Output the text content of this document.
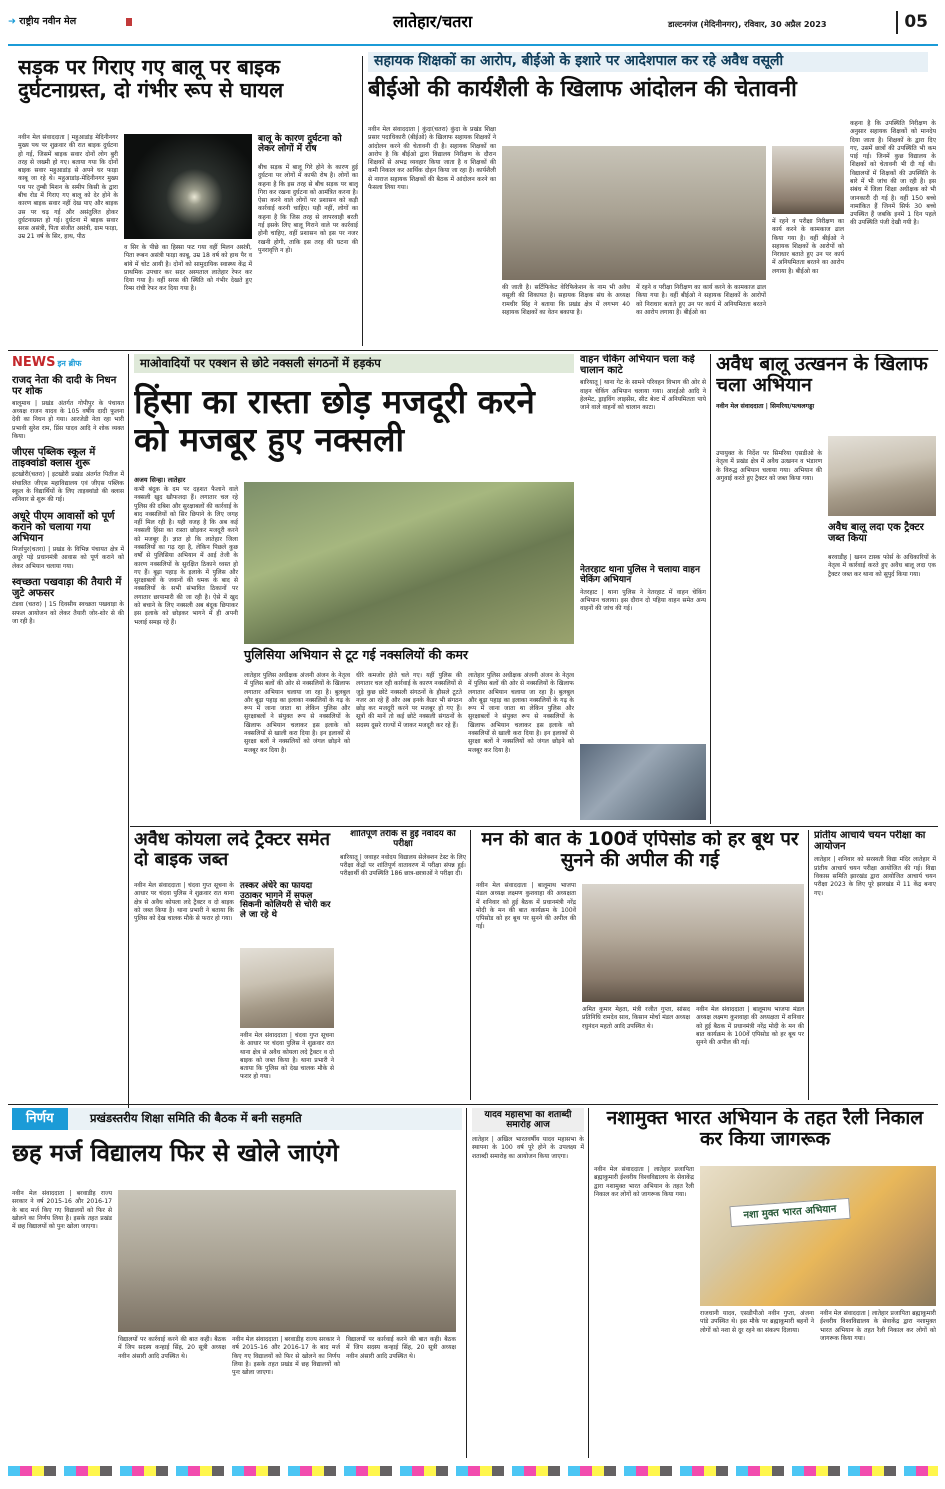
➜ राष्ट्रीय नवीन मेल	लातेहार/चतरा	डाल्टनगंज (मेदिनीनगर), रविवार, 30 अप्रैल 2023	05
सड़क पर गिराए गए बालू पर बाइक दुर्घटनाग्रस्त, दो गंभीर रूप से घायल
नवीन मेल संवाददाता | महुआडांड़ मेदिनीनगर मुख्य पथ पर शुक्रवार की रात बाइक दुर्घटना हो गई, जिसमें बाइक सवार दोनों लोग बुरी तरह से जख्मी हो गए। बताया गया कि दोनों बाइक सवार महुआडांड़ से अपने घर फाड़ा काबू जा रहे थे। महुआडांड़-मेदिनीनगर मुख्य पथ पर तुम्बी मिशन के समीप किसी के द्वारा बीच रोड में गिराए गए बालू को देर होने के कारण बाइक सवार नहीं देख पाए और बाइक उस पर चढ़ गई और असंतुलित होकर दुर्घटनाग्रस्त हो गई। दुर्घटना में बाइक सवार सरस असंत्री, पिता संजीत असंत्री, ग्राम फाड़ा, उम्र 21 वर्ष के सिर, हाथ, पीठ
व सिर के पीछे का हिस्सा फट गया वहीं मिलन असंत्री, पिता रूबन असंत्री फाड़ा काबू, उम्र 18 वर्ष को हाथ पैर व बांये में चोट आयी है। दोनों को सामुदायिक स्वास्थ्य केंद्र में प्राथमिक उपचार कर सदर अस्पताल लातेहार रेफर कर दिया गया है। वहीं सरस की स्थिति को गंभीर देखते हुए रिम्स रांची रेफर कर दिया गया है।
बालू के कारण दुर्घटना को लेकर लोगों में रोष
बीच सड़क में बालू गिरे होने के कारण हुई दुर्घटना पर लोगों में काफी रोष है। लोगों का कहना है कि इस तरह से बीच सड़क पर बालू गिरा कर रखना दुर्घटना को आमंत्रित करना है। ऐसा करने वाले लोगों पर प्रशासन को कड़ी कार्रवाई करनी चाहिए। यही नहीं, लोगों का कहना है कि जिस तरह से लापरवाही बरती गई इसके लिए बालू गिराने वाले पर कार्रवाई होनी चाहिए, वहीं प्रशासन को इस पर नजर रखनी होगी, ताकि इस तरह की घटना की पुनरावृत्ति न हो।
सहायक शिक्षकों का आरोप, बीईओ के इशारे पर आदेशपाल कर रहे अवैध वसूली
बीईओ की कार्यशैली के खिलाफ आंदोलन की चेतावनी
नवीन मेल संवाददाता | कुंदा(चतरा) कुंदा के प्रखंड शिक्षा प्रसार पदाधिकारी (बीईओ) के खिलाफ सहायक शिक्षकों ने आंदोलन करने की चेतावनी दी है। सहायक शिक्षकों का आरोप है कि बीईओ द्वारा विद्यालय निरीक्षण के दौरान शिक्षकों से अभद्र व्यवहार किया जाता है व शिक्षकों की कमी निकाल कर आर्थिक दोहन किया जा रहा है। कार्यशैली से नाराज सहायक शिक्षकों की बैठक में आंदोलन करने का फैसला लिया गया।
की जाती है। सर्टिफिकेट वेरिफिकेशन के नाम भी अवैध वसूली की शिकायत है। सहायक शिक्षक संघ के अध्यक्ष रामधीर सिंह ने बताया कि प्रखंड क्षेत्र में लगभग 40 सहायक शिक्षकों का वेतन बकाया है।
में रहने व परीक्षा निरीक्षण का कार्य करने के कामकाज ढाल किया गया है। वहीं बीईओ ने सहायक शिक्षकों के आरोपों को निराधार बताते हुए उन पर कार्य में अनियमितता बरतने का आरोप लगाया है। बीईओ का
कहना है कि उपस्थिति निरीक्षण के अनुसार सहायक शिक्षकों को मानदेय दिया जाता है। शिक्षकों के द्वारा दिए गए, उसमें छात्रों की उपस्थिति भी कम पाई गई। जिनमें कुछ विद्यालय के शिक्षकों को चेतावनी भी दी गई थी। विद्यालयों में शिक्षकों की उपस्थिति के बारे में भी जांच की जा रही है। इस संबंध में जिला शिक्षा अधीक्षक को भी जानकारी दी गई है। वहीं 150 बच्चे नामांकित हैं जिनमें सिर्फ 30 बच्चे उपस्थित हैं जबकि इनमें 1 दिन पहले की उपस्थिति पंजी देखी गयी है।
में रहने व परीक्षा निरीक्षण का कार्य करने के कामकाज ढाल किया गया है। वहीं बीईओ ने सहायक शिक्षकों के आरोपों को निराधार बताते हुए उन पर कार्य में अनियमितता बरतने का आरोप लगाया है। बीईओ का
NEWS इन ब्रीफ
राजद नेता की दादी के निधन पर शोक
बालूमाथ | प्रखंड अंतर्गत गोपीपुर के पंचायत अध्यक्ष राजन यादव के 105 वर्षीय दादी फूलना देवी का निधन हो गया। आरजेडी नेता रहा भारी प्रभावी सुरेश राम, प्रिंस यादव आदि ने शोक व्यक्त किया।
जीएस पब्लिक स्कूल में ताइक्वांडो क्लास शुरू
इटखोरी(चतरा) | इटखोरी प्रखंड अंतर्गत पितीज में संचालित जीएस महाविद्यालय एवं जीएस पब्लिक स्कूल के विद्यार्थियों के लिए ताइक्वांडो की क्लास शनिवार से शुरू की गई।
अधूरे पीएम आवासों को पूर्ण कराने को चलाया गया अभियान
मिर्जापुर(चतरा) | प्रखंड के विभिन्न पंचायत क्षेत्र में अधूरे पड़े प्रधानमंत्री आवास को पूर्ण कराने को लेकर अभियान चलाया गया।
स्वच्छता पखवाड़ा की तैयारी में जुटे अफसर
टंडवा (चतरा) | 15 दिवसीय स्वच्छता पखवाड़ा के सफल आयोजन को लेकर तैयारी जोर-शोर से की जा रही है।
माओवादियों पर एक्शन से छोटे नक्सली संगठनों में हड़कंप
हिंसा का रास्ता छोड़ मजदूरी करने को मजबूर हुए नक्सली
अजय सिन्हा। लातेहार
कभी बंदूक के दम पर दहशत फैलाने वाले नक्सली खुद खौफजदा हैं। लगातार चल रहे पुलिस की दबिश और सुरक्षाबलों की कार्रवाई के बाद नक्सलियों को सिर छिपाने के लिए जगह नहीं मिल रही है। यही वजह है कि अब कई नक्सली हिंसा का रास्ता छोड़कर मजदूरी करने को मजबूर हैं। ज्ञात हो कि लातेहार जिला नक्सलियों का गढ़ रहा है, लेकिन पिछले कुछ वर्षों से पुलिसिया अभियान में आई तेजी के कारण नक्सलियों के सुरक्षित ठिकाने ध्वस्त हो गए हैं। बूढ़ा पहाड़ के इलाके में पुलिस और सुरक्षाबलों के जवानों की धमक के बाद से नक्सलियों के सभी संभावित ठिकानों पर लगातार छापामारी की जा रही है। ऐसे में खुद को बचाने के लिए नक्सली अब बंदूक छिपाकर इस इलाके को छोड़कर भागने में ही अपनी भलाई समझ रहे हैं।
पुलिसिया अभियान से टूट गई नक्सलियों की कमर
लातेहार पुलिस अधीक्षक अंजनी अंजन के नेतृत्व में पुलिस बलों की ओर से नक्सलियों के खिलाफ लगातार अभियान चलाया जा रहा है। बुलबुल और बूढ़ा पहाड़ का इलाका नक्सलियों के गढ़ के रूप में जाना जाता था लेकिन पुलिस और सुरक्षाबलों ने संयुक्त रूप से नक्सलियों के खिलाफ अभियान चलाकर इस इलाके को नक्सलियों से खाली करा दिया है। इन इलाकों से सुरक्षा बलों ने नक्सलियों को जंगल छोड़ने को मजबूर कर दिया है।
धीरे कमजोर होते चले गए। यहीं पुलिस की लगातार चल रही कार्रवाई के कारण नक्सलियों से जुड़े कुछ छोटे नक्सली संगठनों के हौसले टूटते नजर आ रहे हैं और अब इनके कैडर भी संगठन छोड़ कर मजदूरी करने पर मजबूर हो गए हैं। सूत्रों की मानें तो कई छोटे नक्सली संगठनों के सदस्य दूसरे राज्यों में जाकर मजदूरी कर रहे हैं।
लातेहार पुलिस अधीक्षक अंजनी अंजन के नेतृत्व में पुलिस बलों की ओर से नक्सलियों के खिलाफ लगातार अभियान चलाया जा रहा है। बुलबुल और बूढ़ा पहाड़ का इलाका नक्सलियों के गढ़ के रूप में जाना जाता था लेकिन पुलिस और सुरक्षाबलों ने संयुक्त रूप से नक्सलियों के खिलाफ अभियान चलाकर इस इलाके को नक्सलियों से खाली करा दिया है। इन इलाकों से सुरक्षा बलों ने नक्सलियों को जंगल छोड़ने को मजबूर कर दिया है।
वाहन चेकिंग अभियान चला कई चालान काटे
बारियातू | थाना गेट के सामने परिवहन विभाग की ओर से वाहन चेकिंग अभियान चलाया गया। आरईओ आदि ने हेलमेट, ड्राइविंग लाइसेंस, सीट बेल्ट में अनियमितता पाये जाने वाले वाहनों को चालान काटा।
नेतरहाट थाना पुलिस ने चलाया वाहन चेकिंग अभियान
नेतरहाट | थाना पुलिस ने नेतरहाट में वाहन चेकिंग अभियान चलाया। इस दौरान दो पहिया वाहन समेत अन्य वाहनों की जांच की गई।
अवैध बालू उत्खनन के खिलाफ चला अभियान
नवीन मेल संवाददाता | सिमरिया/पत्थलगड्डा
उपायुक्त के निर्देश पर सिमरिया एसडीओ के नेतृत्व में प्रखंड क्षेत्र में अवैध उत्खनन व भंडारण के विरुद्ध अभियान चलाया गया। अभियान की अगुवाई करते हुए ट्रैक्टर को जब्त किया गया।
अवैध बालू लदा एक ट्रैक्टर जब्त किया
बरवाडीह | खनन टास्क फोर्स के अधिकारियों के नेतृत्व में कार्रवाई करते हुए अवैध बालू लदा एक ट्रैक्टर जब्त कर थाना को सुपुर्द किया गया।
अवैध कोयला लदे ट्रैक्टर समेत दो बाइक जब्त
नवीन मेल संवाददाता | चंदवा गुप्त सूचना के आधार पर चंदवा पुलिस ने शुक्रवार रात थाना क्षेत्र से अवैध कोयला लदे ट्रैक्टर व दो बाइक को जब्त किया है। थाना प्रभारी ने बताया कि पुलिस को देख चालक मौके से फरार हो गया।
तस्कर अंधेरे का फायदा उठाकर भागने में सफल सिकनी कोलियरी से चोरी कर ले जा रहे थे
नवीन मेल संवाददाता | चंदवा गुप्त सूचना के आधार पर चंदवा पुलिस ने शुक्रवार रात थाना क्षेत्र से अवैध कोयला लदे ट्रैक्टर व दो बाइक को जब्त किया है। थाना प्रभारी ने बताया कि पुलिस को देख चालक मौके से फरार हो गया।
शांतिपूर्ण तरीके से हुई नवोदय की परीक्षा
बारियातू | जवाहर नवोदय विद्यालय सेलेक्शन टेस्ट के लिए परीक्षा केंद्रों पर शांतिपूर्ण वातावरण में परीक्षा संपन्न हुई। परीक्षार्थी की उपस्थिति 186 छात्र-छात्राओं ने परीक्षा दी।
मन की बात के 100वें एपिसोड को हर बूथ पर सुनने की अपील की गई
नवीन मेल संवाददाता | बालूमाथ भाजपा मंडल अध्यक्ष लक्ष्मण कुशवाहा की अध्यक्षता में शनिवार को हुई बैठक में प्रधानमंत्री नरेंद्र मोदी के मन की बात कार्यक्रम के 100वें एपिसोड को हर बूथ पर सुनने की अपील की गई।
अमित कुमार मेहता, मंत्री रजीत गुप्ता, सांसद प्रतिनिधि रामदेव साव, किसान मोर्चा मंडल अध्यक्ष रघुनंदन महतो आदि उपस्थित थे।
नवीन मेल संवाददाता | बालूमाथ भाजपा मंडल अध्यक्ष लक्ष्मण कुशवाहा की अध्यक्षता में शनिवार को हुई बैठक में प्रधानमंत्री नरेंद्र मोदी के मन की बात कार्यक्रम के 100वें एपिसोड को हर बूथ पर सुनने की अपील की गई।
प्रांतीय आचार्य चयन परीक्षा का आयोजन
लातेहार | शनिवार को सरस्वती विद्या मंदिर लातेहार में प्रांतीय आचार्य चयन परीक्षा आयोजित की गई। विद्या विकास समिति झारखंड द्वारा आयोजित आचार्य चयन परीक्षा 2023 के लिए पूरे झारखंड में 11 केंद्र बनाए गए।
निर्णय	प्रखंडस्तरीय शिक्षा समिति की बैठक में बनी सहमति
छह मर्ज विद्यालय फिर से खोले जाएंगे
नवीन मेल संवाददाता | बरवाडीह राज्य सरकार ने वर्ष 2015-16 और 2016-17 के बाद मर्ज किए गए विद्यालयों को फिर से खोलने का निर्णय लिया है। इसके तहत प्रखंड में छह विद्यालयों को पुनः खोला जाएगा।
विद्यालयों पर कार्रवाई करने की बात कही। बैठक में जिप सदस्य कन्हाई सिंह, 20 सूत्री अध्यक्ष नवीन अंसारी आदि उपस्थित थे।
नवीन मेल संवाददाता | बरवाडीह राज्य सरकार ने वर्ष 2015-16 और 2016-17 के बाद मर्ज किए गए विद्यालयों को फिर से खोलने का निर्णय लिया है। इसके तहत प्रखंड में छह विद्यालयों को पुनः खोला जाएगा।
विद्यालयों पर कार्रवाई करने की बात कही। बैठक में जिप सदस्य कन्हाई सिंह, 20 सूत्री अध्यक्ष नवीन अंसारी आदि उपस्थित थे।
यादव महासभा का शताब्दी समारोह आज
लातेहार | अखिल भारतवर्षीय यादव महासभा के स्थापना के 100 वर्ष पूरे होने के उपलक्ष्य में शताब्दी समारोह का आयोजन किया जाएगा।
नशामुक्त भारत अभियान के तहत रैली निकाल कर किया जागरूक
नवीन मेल संवाददाता | लातेहार प्रजापिता ब्रह्माकुमारी ईश्वरीय विश्वविद्यालय के सेवाकेंद्र द्वारा नशामुक्त भारत अभियान के तहत रैली निकाल कर लोगों को जागरूक किया गया।
नशा मुक्त भारत अभियान
राजधानी यादव, एसडीपीओ नवीन गुप्ता, अंजना पांडे उपस्थित थे। इस मौके पर ब्रह्माकुमारी बहनों ने लोगों को नशा से दूर रहने का संकल्प दिलाया।
नवीन मेल संवाददाता | लातेहार प्रजापिता ब्रह्माकुमारी ईश्वरीय विश्वविद्यालय के सेवाकेंद्र द्वारा नशामुक्त भारत अभियान के तहत रैली निकाल कर लोगों को जागरूक किया गया।
